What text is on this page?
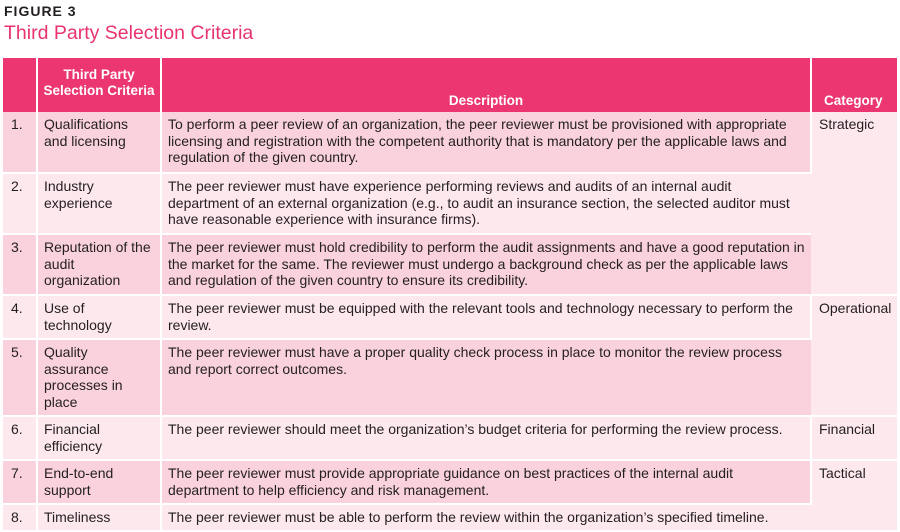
FIGURE 3
Third Party Selection Criteria
	Third Party Selection Criteria	Description	Category
1.	Qualifications and licensing	To perform a peer review of an organization, the peer reviewer must be provisioned with appropriate licensing and registration with the competent authority that is mandatory per the applicable laws and regulation of the given country.	Strategic
2.	Industry experience	The peer reviewer must have experience performing reviews and audits of an internal audit department of an external organization (e.g., to audit an insurance section, the selected auditor must have reasonable experience with insurance firms).	
3.	Reputation of the audit organization	The peer reviewer must hold credibility to perform the audit assignments and have a good reputation in the market for the same. The reviewer must undergo a background check as per the applicable laws and regulation of the given country to ensure its credibility.	
4.	Use of technology	The peer reviewer must be equipped with the relevant tools and technology necessary to perform the review.	Operational
5.	Quality assurance processes in place	The peer reviewer must have a proper quality check process in place to monitor the review process and report correct outcomes.	
6.	Financial efficiency	The peer reviewer should meet the organization’s budget criteria for performing the review process.	Financial
7.	End-to-end support	The peer reviewer must provide appropriate guidance on best practices of the internal audit department to help efficiency and risk management.	Tactical
8.	Timeliness	The peer reviewer must be able to perform the review within the organization’s specified timeline.	
